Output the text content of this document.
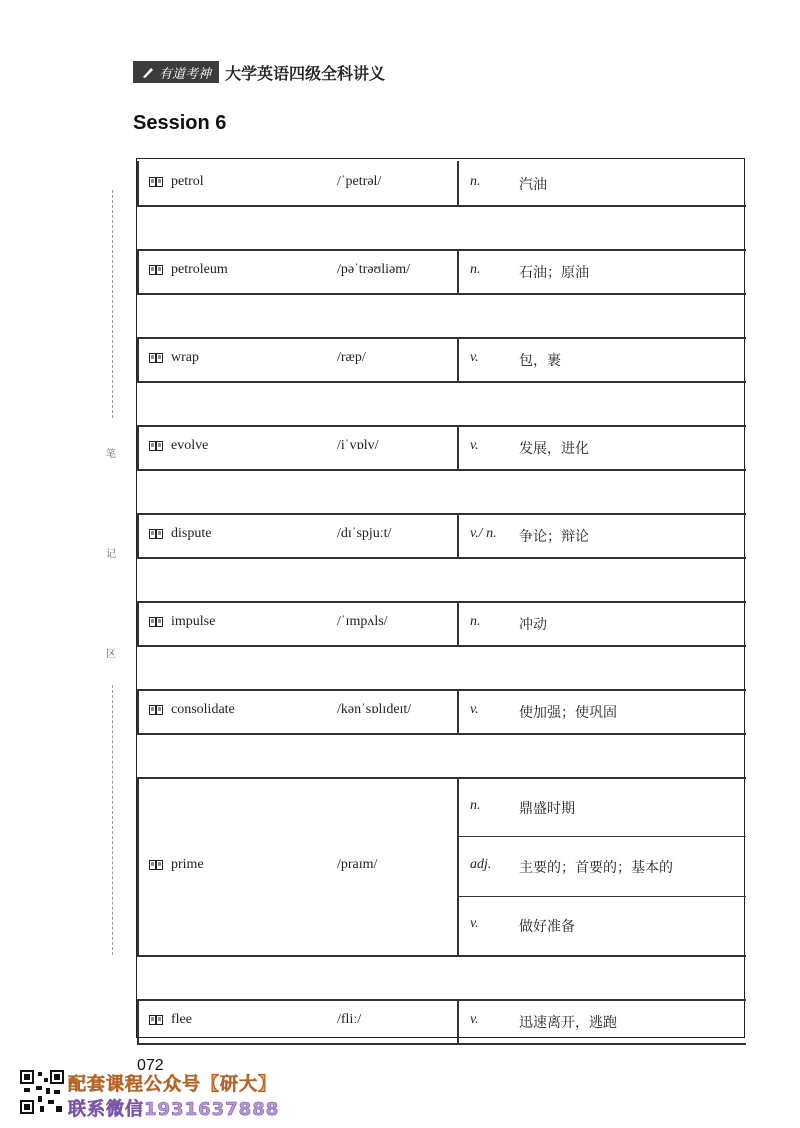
有道考神 大学英语四级全科讲义
Session 6
笔
记
区
petrol	/ˈpetrəl/	n.	汽油
petroleum	/pəˈtrəʊliəm/	n.	石油；原油
wrap	/ræp/	v.	包，裹
evolve	/iˈvɒlv/	v.	发展，进化
dispute	/dɪˈspjuːt/	v./ n. 争论；辩论
impulse	/ˈɪmpʌls/	n.	冲动
consolidate	/kənˈsɒlɪdeɪt/	v.	使加强；使巩固
prime	/praɪm/
n.	鼎盛时期
adj. 主要的；首要的；基本的
v.	做好准备
flee	/fliː/	v.	迅速离开，逃跑
072
配套课程公众号【研大】
联系微信1931637888
